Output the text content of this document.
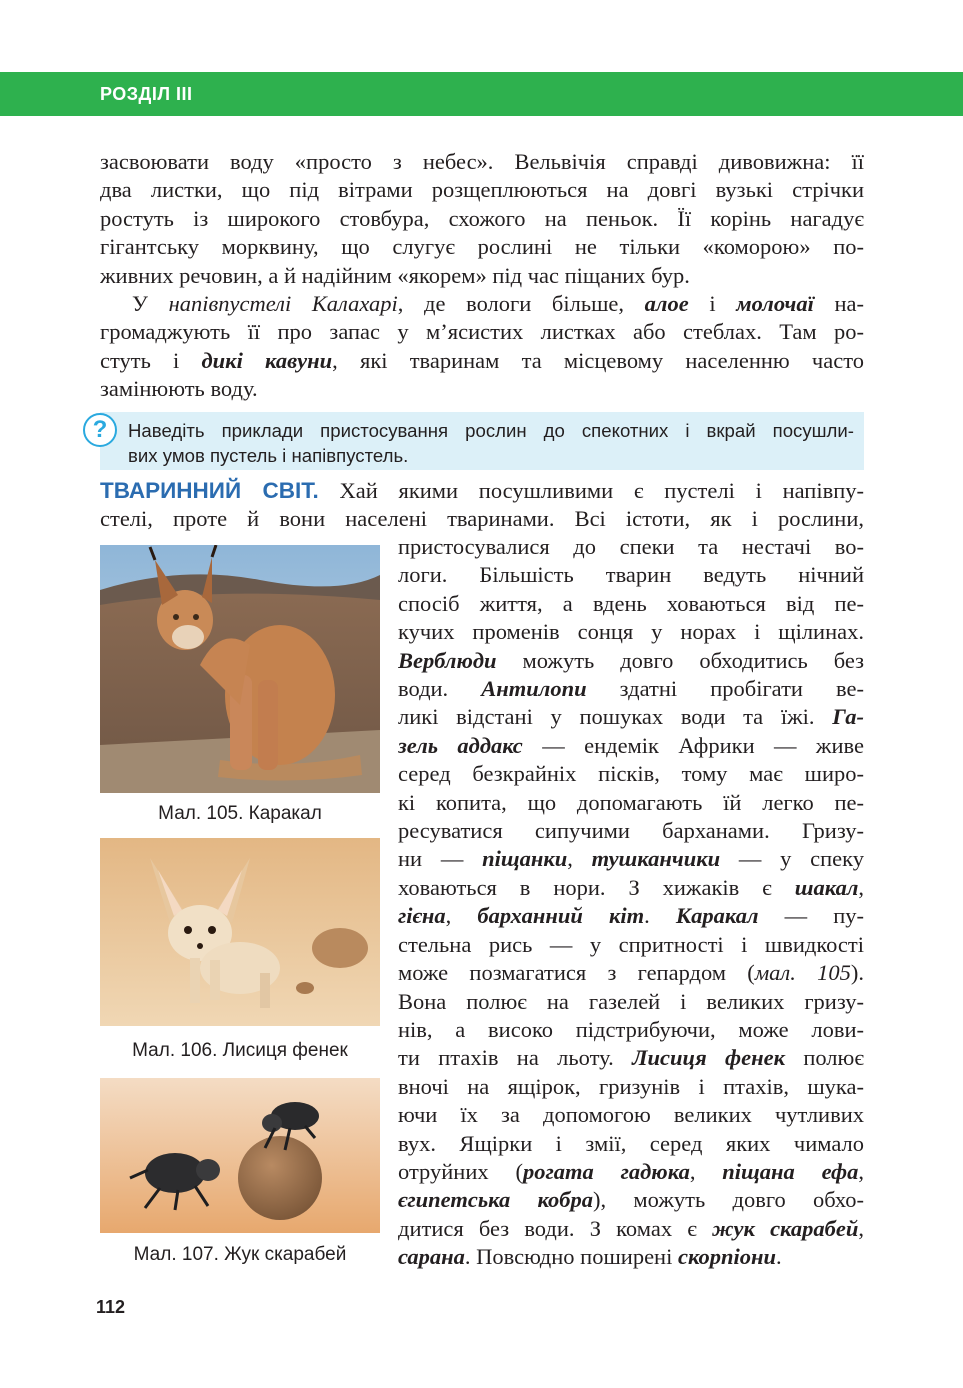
РОЗДІЛ III
засвоювати воду «просто з небес». Вельвічія справді дивовижна: її
два листки, що під вітрами розщеплюються на довгі вузькі стрічки
ростуть із широкого стовбура, схожого на пеньок. Її корінь нагадує
гігантську морквину, що слугує рослині не тільки «коморою» по-
живних речовин, а й надійним «якорем» під час піщаних бур.
У напівпустелі Калахарі, де вологи більше, алое і молочаї на-
громаджують її про запас у м’ясистих листках або стеблах. Там ро-
стуть і дикі кавуни, які тваринам та місцевому населенню часто
замінюють воду.
?	Наведіть приклади пристосування рослин до спекотних і вкрай посушли-
вих умов пустель і напівпустель.
ТВАРИННИЙ СВІТ. Хай якими посушливими є пустелі і напівпу-
стелі, проте й вони населені тваринами. Всі істоти, як і рослини,
пристосувалися до спеки та нестачі во-
логи. Більшість тварин ведуть нічний
спосіб життя, а вдень ховаються від пе-
кучих променів сонця у норах і щілинах.
Верблюди можуть довго обходитись без
води. Антилопи здатні пробігати ве-
ликі відстані у пошуках води та їжі. Га-
зель аддакс — ендемік Африки — живе
серед безкрайніх пісків, тому має широ-
кі копита, що допомагають їй легко пе-
ресуватися сипучими барханами. Гризу-
ни — піщанки, тушканчики — у спеку
ховаються в нори. З хижаків є шакал,
гієна, барханний кіт. Каракал — пу-
стельна рись — у спритності і швидкості
може позмагатися з гепардом (мал. 105).
Вона полює на газелей і великих гризу-
нів, а високо підстрибуючи, може лови-
ти птахів на льоту. Лисиця фенек полює
вночі на ящірок, гризунів і птахів, шука-
ючи їх за допомогою великих чутливих
вух. Ящірки і змії, серед яких чимало
отруйних (рогата гадюка, піщана ефа,
єгипетська кобра), можуть довго обхо-
дитися без води. З комах є жук скарабей,
сарана. Повсюдно поширені скорпіони.
Мал. 105. Каракал
Мал. 106. Лисиця фенек
Мал. 107. Жук скарабей
112
